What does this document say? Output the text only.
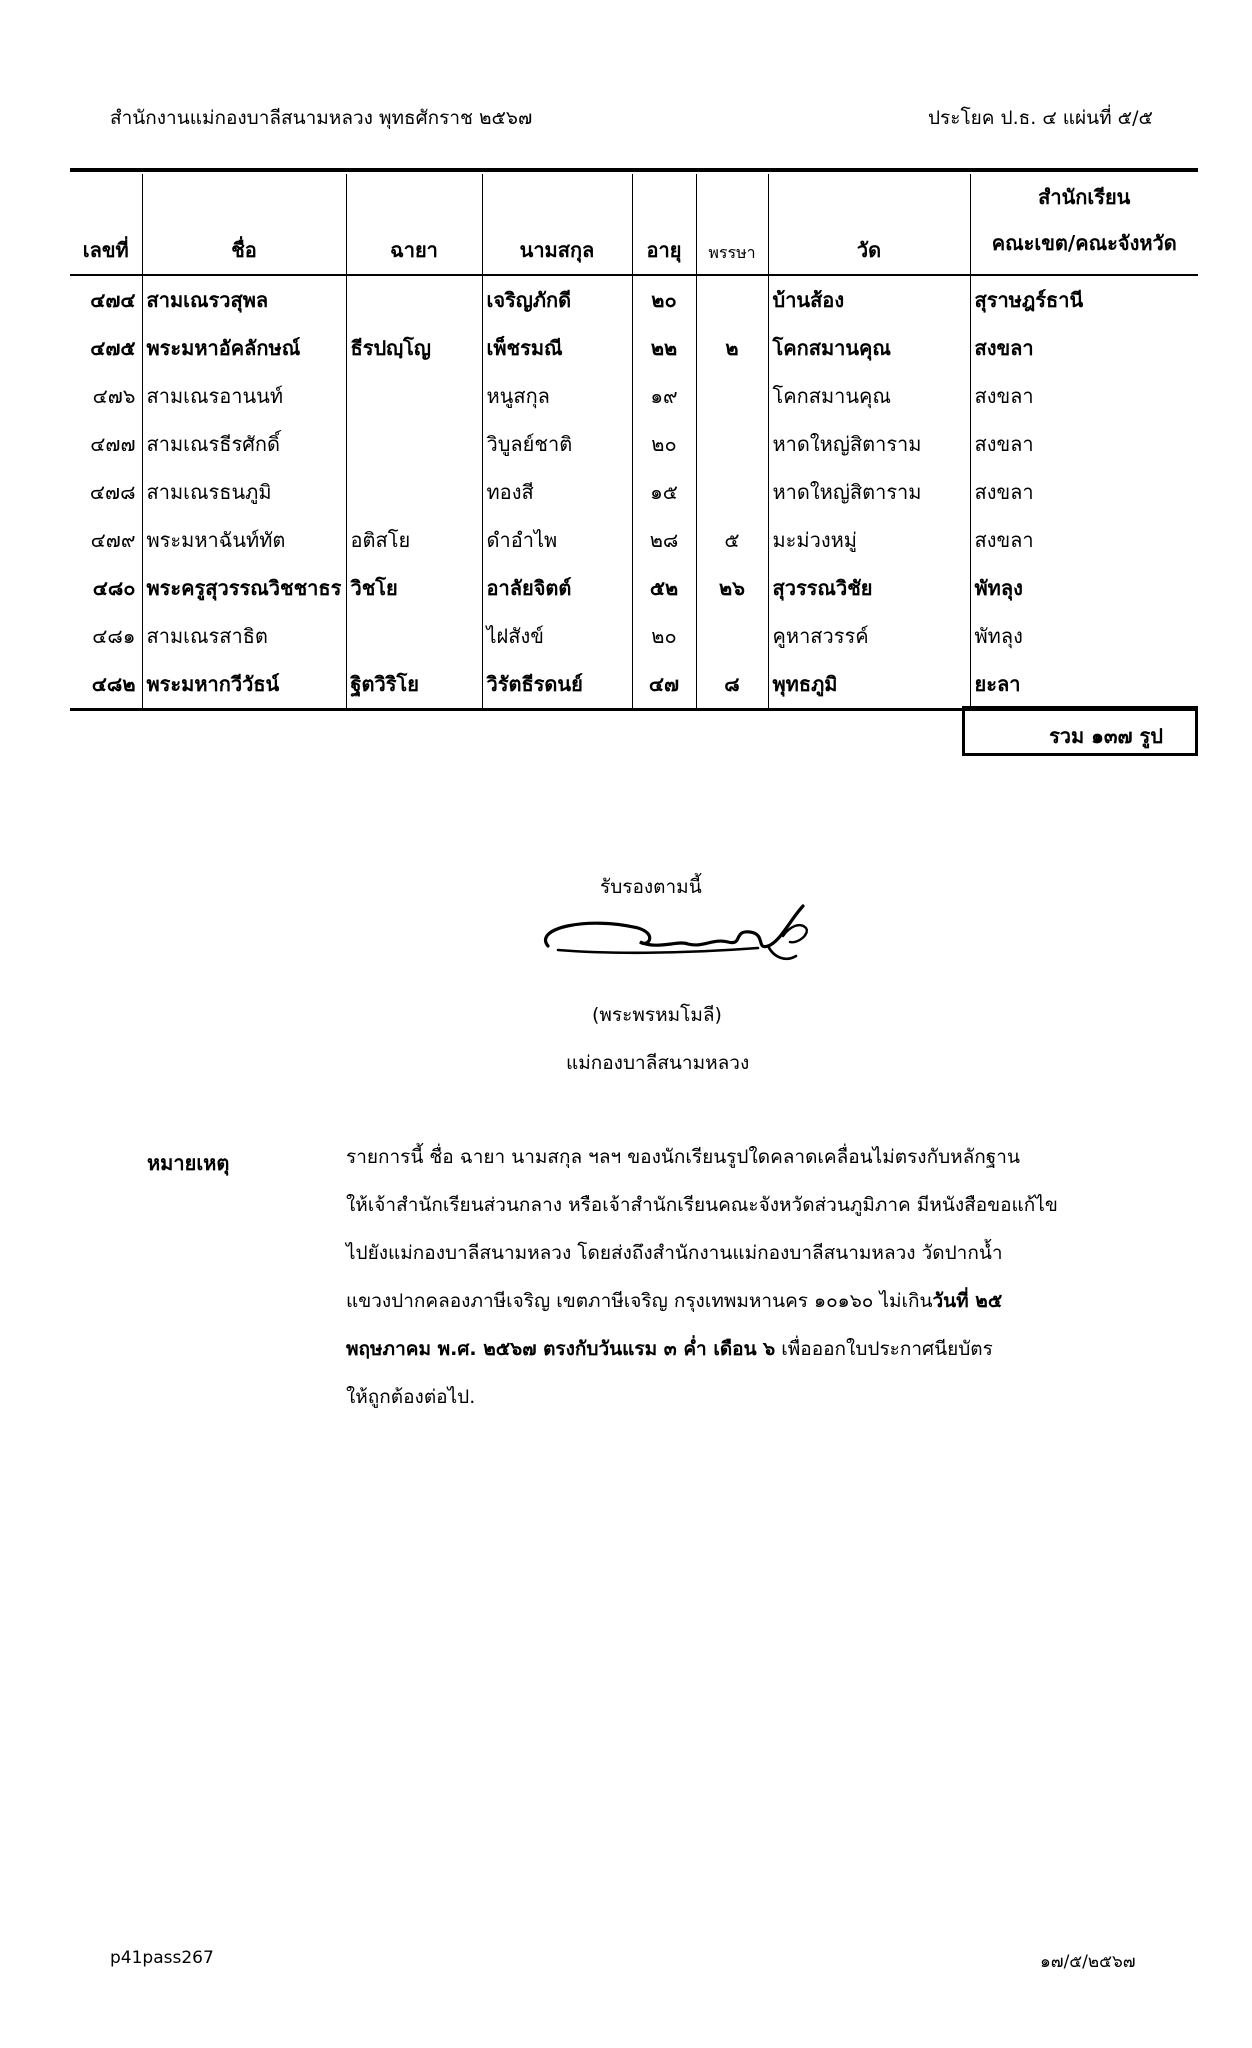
สำนักงานแม่กองบาลีสนามหลวง พุทธศักราช ๒๕๖๗	ประโยค ป.ธ. ๔ แผ่นที่ ๕/๕
เลขที่	ชื่อ	ฉายา	นามสกุล	อายุ	พรรษา	วัด	สำนักเรียน
คณะเขต/คณะจังหวัด

๔๗๔	สามเณรวสุพล		เจริญภักดี	๒๐		บ้านส้อง	สุราษฎร์ธานี
๔๗๕	พระมหาอัคลักษณ์	ธีรปญฺโญ	เพ็ชรมณี	๒๒	๒	โคกสมานคุณ	สงขลา
๔๗๖	สามเณรอานนท์		หนูสกุล	๑๙		โคกสมานคุณ	สงขลา
๔๗๗	สามเณรธีรศักดิ์		วิบูลย์ชาติ	๒๐		หาดใหญ่สิตาราม	สงขลา
๔๗๘	สามเณรธนภูมิ		ทองสี	๑๕		หาดใหญ่สิตาราม	สงขลา
๔๗๙	พระมหาฉันท์ทัต	อติสโย	ดำอำไพ	๒๘	๕	มะม่วงหมู่	สงขลา
๔๘๐	พระครูสุวรรณวิชชาธร	วิชโย	อาลัยจิตต์	๕๒	๒๖	สุวรรณวิชัย	พัทลุง
๔๘๑	สามเณรสาธิต		ไฝสังข์	๒๐		คูหาสวรรค์	พัทลุง
๔๘๒	พระมหากวีวัธน์	ฐิตวิริโย	วิรัตธีรดนย์	๔๗	๘	พุทธภูมิ	ยะลา
รวม ๑๓๗ รูป
รับรองตามนี้
(พระพรหมโมลี)
แม่กองบาลีสนามหลวง
หมายเหตุ	รายการนี้ ชื่อ ฉายา นามสกุล ฯลฯ ของนักเรียนรูปใดคลาดเคลื่อนไม่ตรงกับหลักฐาน
ให้เจ้าสำนักเรียนส่วนกลาง หรือเจ้าสำนักเรียนคณะจังหวัดส่วนภูมิภาค มีหนังสือขอแก้ไข
ไปยังแม่กองบาลีสนามหลวง โดยส่งถึงสำนักงานแม่กองบาลีสนามหลวง วัดปากน้ำ
แขวงปากคลองภาษีเจริญ เขตภาษีเจริญ กรุงเทพมหานคร ๑๐๑๖๐ ไม่เกินวันที่ ๒๕
พฤษภาคม พ.ศ. ๒๕๖๗ ตรงกับวันแรม ๓ ค่ำ เดือน ๖ เพื่อออกใบประกาศนียบัตร
ให้ถูกต้องต่อไป.
p41pass267	๑๗/๕/๒๕๖๗
